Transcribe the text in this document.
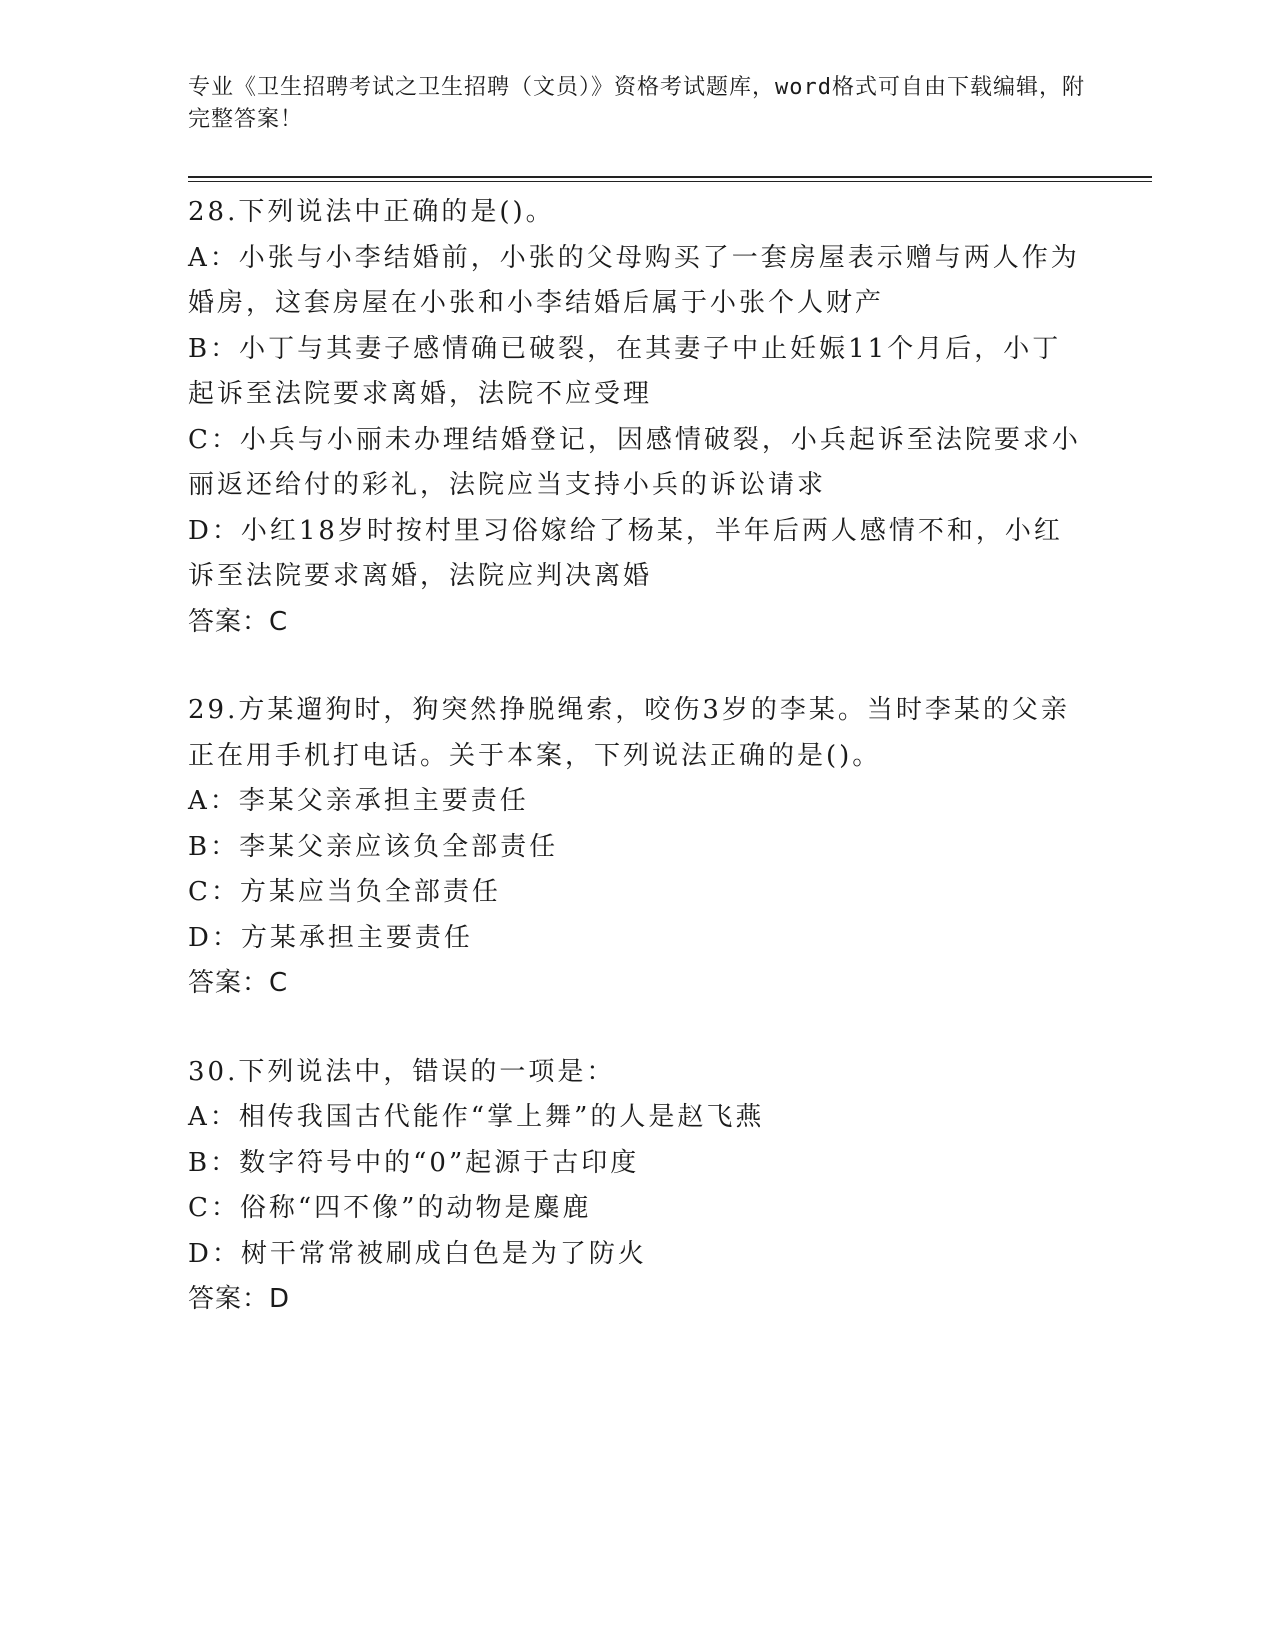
专业《卫生招聘考试之卫生招聘（文员）》资格考试题库，word格式可自由下载编辑，附完整答案！
28.下列说法中正确的是()。
A：小张与小李结婚前，小张的父母购买了一套房屋表示赠与两人作为婚房，这套房屋在小张和小李结婚后属于小张个人财产
B：小丁与其妻子感情确已破裂，在其妻子中止妊娠11个月后，小丁起诉至法院要求离婚，法院不应受理
C：小兵与小丽未办理结婚登记，因感情破裂，小兵起诉至法院要求小丽返还给付的彩礼，法院应当支持小兵的诉讼请求
D：小红18岁时按村里习俗嫁给了杨某，半年后两人感情不和，小红诉至法院要求离婚，法院应判决离婚
答案：C
29.方某遛狗时，狗突然挣脱绳索，咬伤3岁的李某。当时李某的父亲正在用手机打电话。关于本案，下列说法正确的是()。
A：李某父亲承担主要责任
B：李某父亲应该负全部责任
C：方某应当负全部责任
D：方某承担主要责任
答案：C
30.下列说法中，错误的一项是：
A：相传我国古代能作“掌上舞”的人是赵飞燕
B：数字符号中的“0”起源于古印度
C：俗称“四不像”的动物是麋鹿
D：树干常常被刷成白色是为了防火
答案：D
